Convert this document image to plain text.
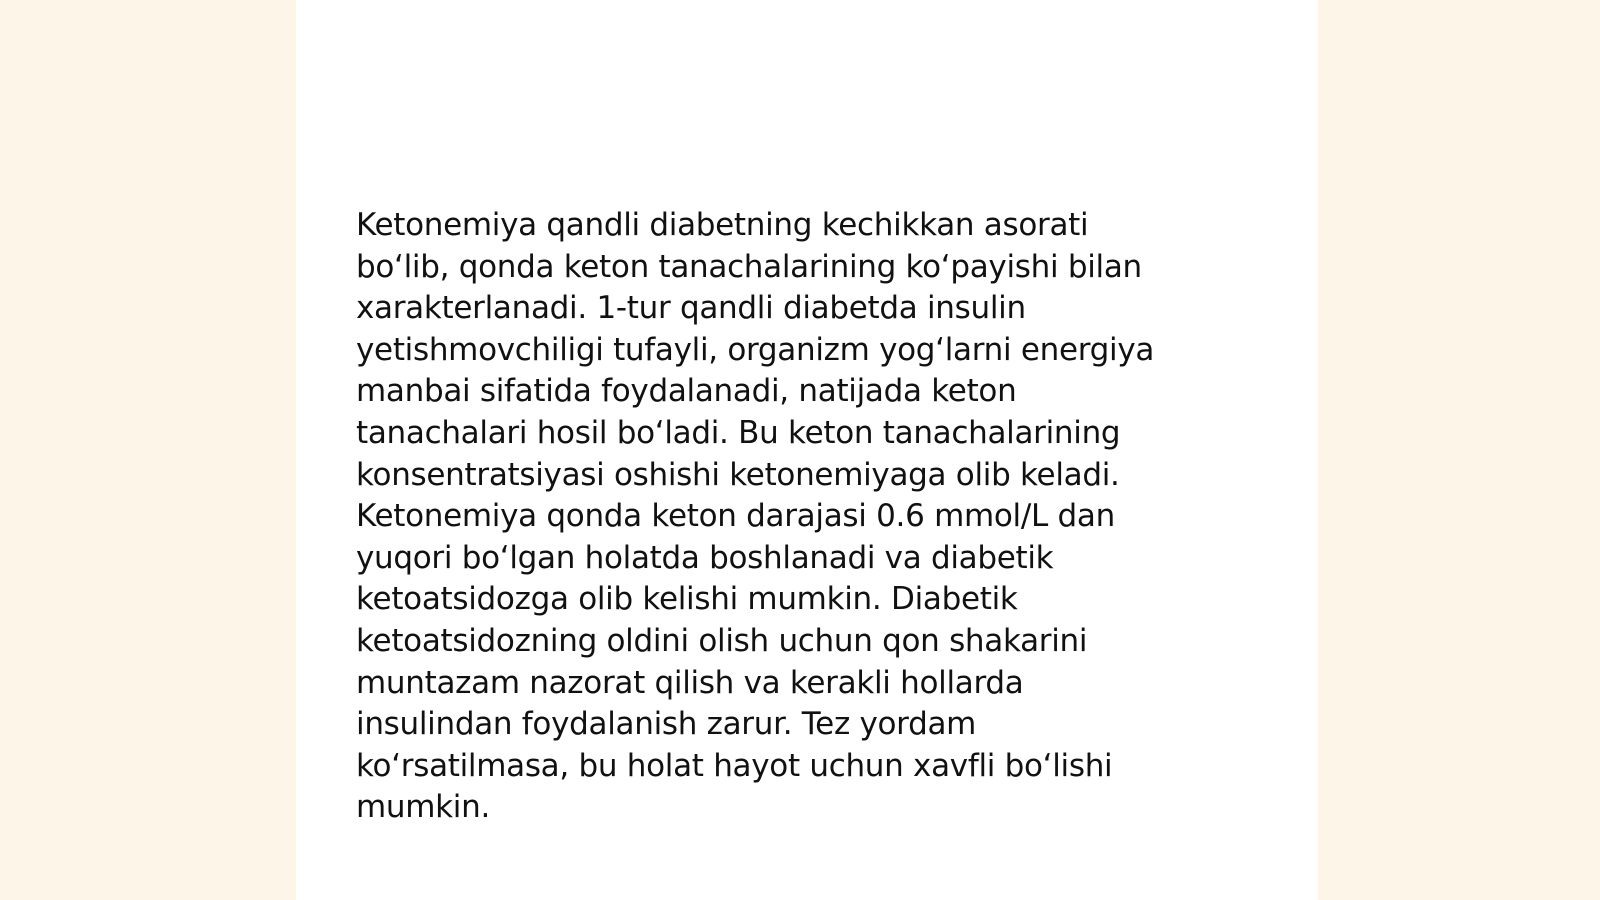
Ketonemiya qandli diabetning kechikkan asorati
boʻlib, qonda keton tanachalarining koʻpayishi bilan
xarakterlanadi. 1-tur qandli diabetda insulin
yetishmovchiligi tufayli, organizm yogʻlarni energiya
manbai sifatida foydalanadi, natijada keton
tanachalari hosil boʻladi. Bu keton tanachalarining
konsentratsiyasi oshishi ketonemiyaga olib keladi.
Ketonemiya qonda keton darajasi 0.6 mmol/L dan
yuqori boʻlgan holatda boshlanadi va diabetik
ketoatsidozga olib kelishi mumkin. Diabetik
ketoatsidozning oldini olish uchun qon shakarini
muntazam nazorat qilish va kerakli hollarda
insulindan foydalanish zarur. Tez yordam
koʻrsatilmasa, bu holat hayot uchun xavfli boʻlishi
mumkin.
